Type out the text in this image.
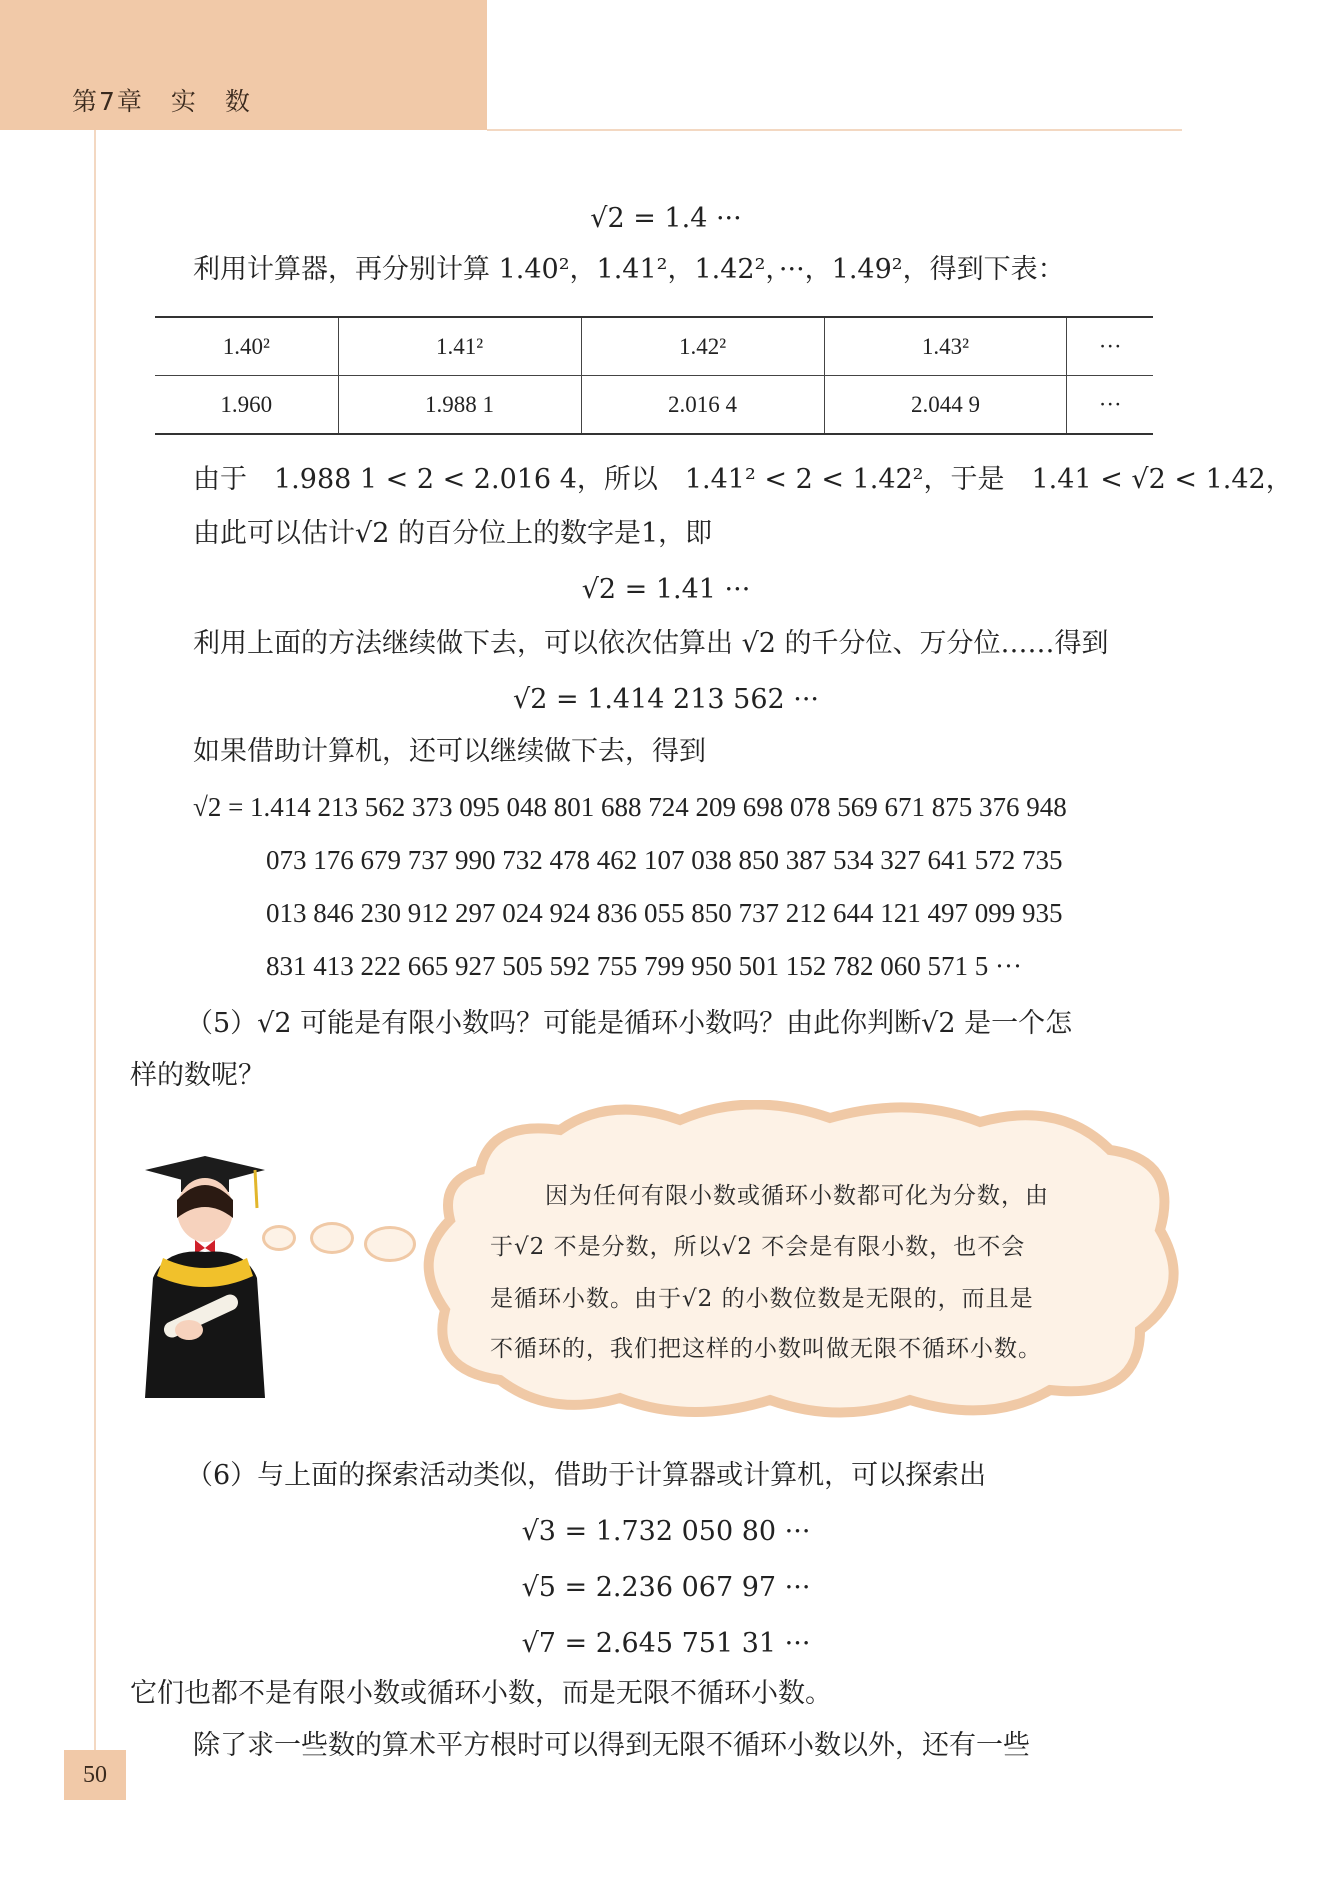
第7章　实　数
√2 = 1.4 ···
利用计算器，再分别计算 1.40²，1.41²，1.42²，···，1.49²，得到下表：
1.40²	1.41²	1.42²	1.43²	···
1.960	1.988 1	2.016 4	2.044 9	···
由于　1.988 1 < 2 < 2.016 4，所以　1.41² < 2 < 1.42²，于是　1.41 < √2 < 1.42，
由此可以估计√2 的百分位上的数字是1，即
√2 = 1.41 ···
利用上面的方法继续做下去，可以依次估算出 √2 的千分位、万分位……得到
√2 = 1.414 213 562 ···
如果借助计算机，还可以继续做下去，得到
√2 = 1.414 213 562 373 095 048 801 688 724 209 698 078 569 671 875 376 948
073 176 679 737 990 732 478 462 107 038 850 387 534 327 641 572 735
013 846 230 912 297 024 924 836 055 850 737 212 644 121 497 099 935
831 413 222 665 927 505 592 755 799 950 501 152 782 060 571 5 ···
（5）√2 可能是有限小数吗？可能是循环小数吗？由此你判断√2 是一个怎
样的数呢？
因为任何有限小数或循环小数都可化为分数，由
于√2 不是分数，所以√2 不会是有限小数，也不会
是循环小数。由于√2 的小数位数是无限的，而且是
不循环的，我们把这样的小数叫做无限不循环小数。
（6）与上面的探索活动类似，借助于计算器或计算机，可以探索出
√3 = 1.732 050 80 ···
√5 = 2.236 067 97 ···
√7 = 2.645 751 31 ···
它们也都不是有限小数或循环小数，而是无限不循环小数。
除了求一些数的算术平方根时可以得到无限不循环小数以外，还有一些
50
